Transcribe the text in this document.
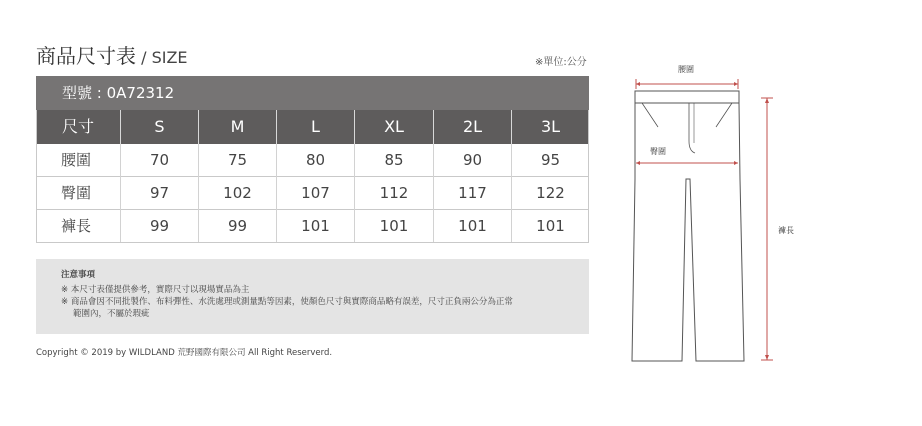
商品尺寸表 / SIZE	※單位:公分
型號 : 0A72312
尺寸	S	M	L	XL	2L	3L
腰圍	70	75	80	85	90	95
臀圍	97	102	107	112	117	122
褲長	99	99	101	101	101	101
注意事項
※ 本尺寸表僅提供參考，實際尺寸以現場實品為主
※ 商品會因不同批製作、布料彈性、水洗處理或測量點等因素，使顏色尺寸與實際商品略有誤差，尺寸正負兩公分為正常
範圍內，不屬於瑕疵
Copyright © 2019 by WILDLAND 荒野國際有限公司 All Right Reserverd.
腰圍
臀圍
褲長
